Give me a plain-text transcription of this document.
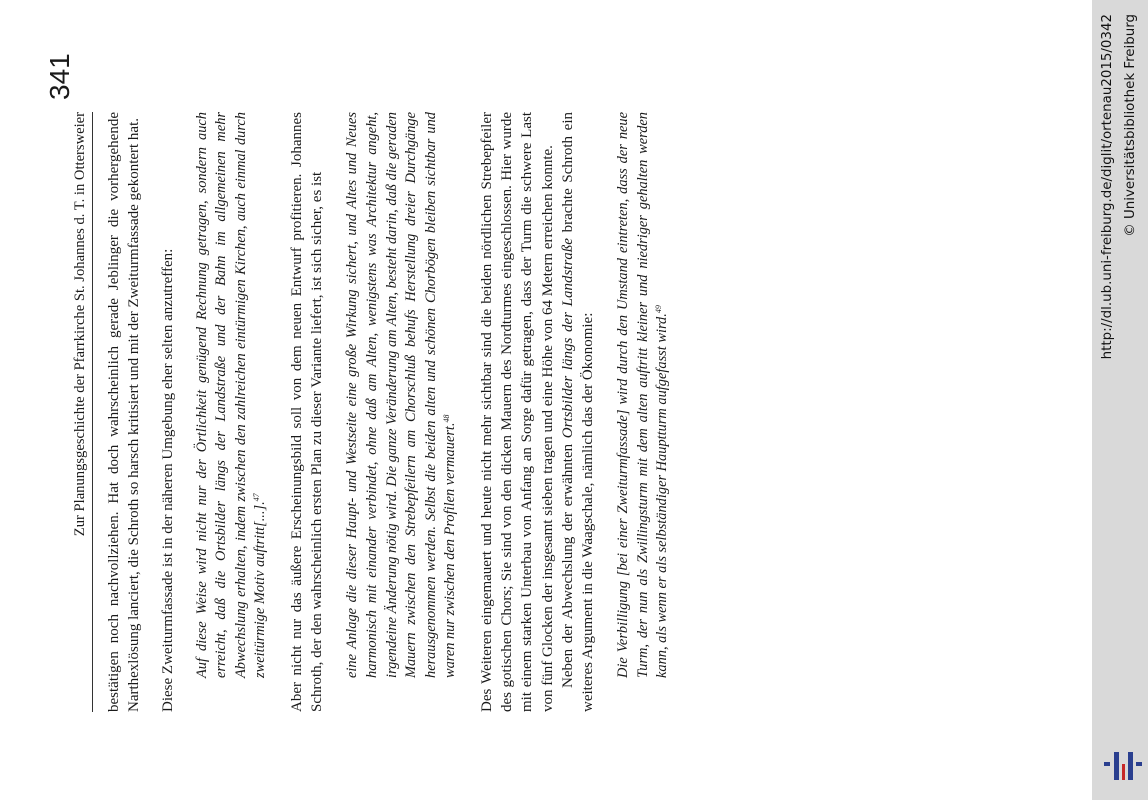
Zur Planungsgeschichte der Pfarrkirche St. Johannes d. T. in Ottersweier
341

bestätigen noch nachvollziehen. Hat doch wahrscheinlich gerade Jeblinger die vorhergehende Narthexlösung lanciert, die Schroth so harsch kritisiert und mit der Zweiturmfassade gekontert hat. Diese Zweiturmfassade ist in der näheren Umgebung eher selten anzutreffen: Auf diese Weise wird nicht nur der Örtlichkeit genügend Rechnung getragen, sondern auch erreicht, daß die Ortsbilder längs der Landstraße und der Bahn im allgemeinen mehr Abwechslung erhalten, indem zwischen den zahlreichen eintürmigen Kirchen, auch einmal durch zweitürmige Motiv auftritt[...].$^{47}$	Aber nicht nur das äußere Erscheinungsbild soll von dem neuen Entwurf profitieren. Johannes Schroth, der den wahrscheinlich ersten Plan zu dieser Variante liefert, ist sich sicher, es ist eine Anlage die dieser Haupt- und Westseite eine große Wirkung sichert, und Altes und Neues harmonisch mit einander verbindet, ohne daß am Alten, wenigstens was Architektur angeht, irgendeine Änderung nötig wird. Die ganze Veränderung am Alten, besteht darin, daß die geraden Mauern zwischen den Strebepfeilern am Chorschluß behufs Herstellung dreier Durchgänge herausgenommen werden. Selbst die beiden alten und schönen Chorbögen bleiben sichtbar und waren nur zwischen den Profilen vermauert.$^{48}$	Des Weiteren eingemauert und heute nicht mehr sichtbar sind die beiden nördlichen Strebepfeiler des gotischen Chors; Sie sind von den dicken Mauern des Nordturmes eingeschlossen. Hier wurde mit einem starken Unterbau von Anfang an Sorge dafür getragen, dass der Turm die schwere Last von fünf Glocken der insgesamt sieben tragen und eine Höhe von 64 Metern erreichen konnte. Neben der Abwechslung der erwähnten Ortsbilder längs der Landstraße brachte Schroth ein weiteres Argument in die Waagschale, nämlich das der Ökonomie: Die Verbilligung [bei einer Zweiturmfassade] wird durch den Umstand eintreten, dass der neue Turm, der nun als Zwillingsturm mit dem alten auftritt kleiner und niedriger gehalten werden kann, als wenn er als selbständiger Hauptturm aufgefasst wird.$^{49}$	http://dl.ub.uni-freiburg.de/diglit/ortenau2015/0342 © Universitätsbibliothek Freiburg
